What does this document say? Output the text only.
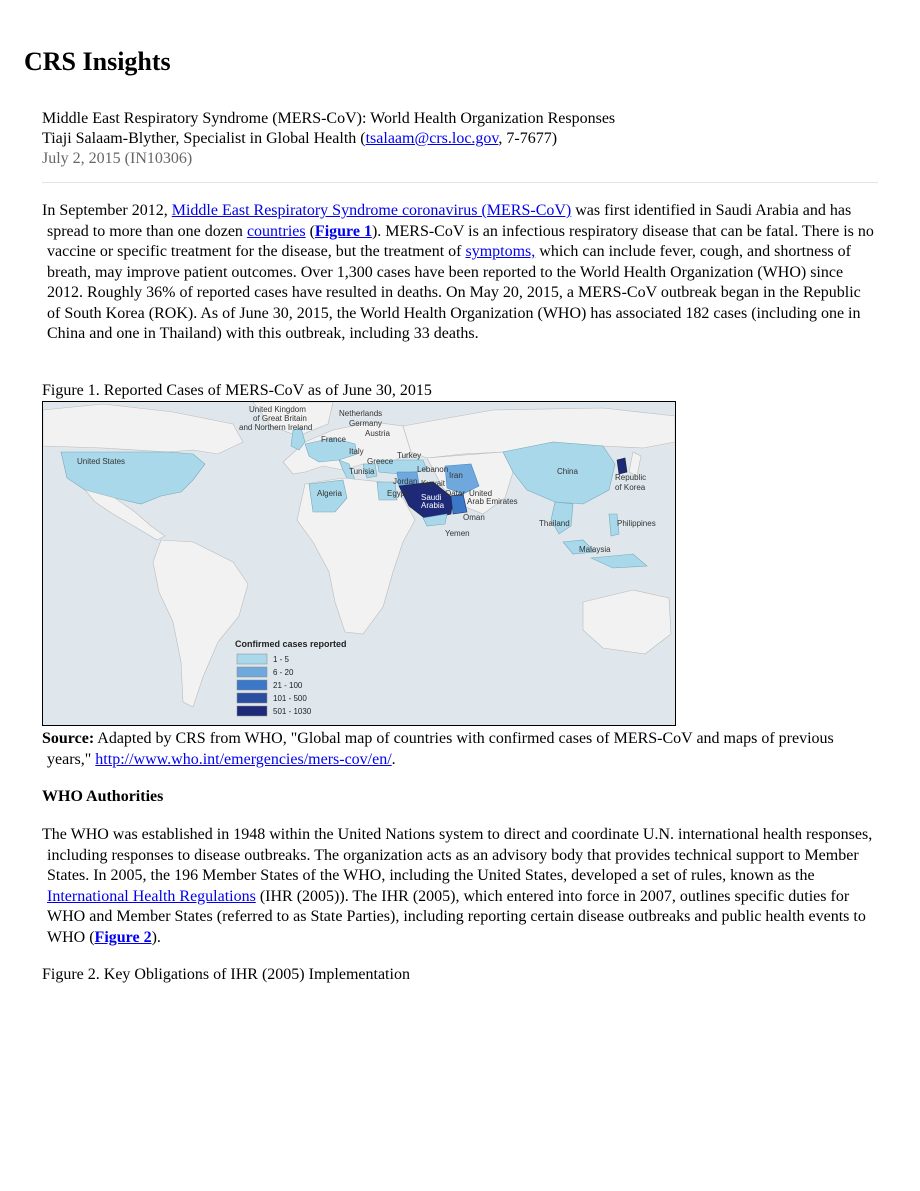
CRS Insights
Middle East Respiratory Syndrome (MERS-CoV): World Health Organization Responses
Tiaji Salaam-Blyther, Specialist in Global Health (tsalaam@crs.loc.gov, 7-7677)
July 2, 2015 (IN10306)

In September 2012, Middle East Respiratory Syndrome coronavirus (MERS-CoV) was first identified in Saudi Arabia and has spread to more than one dozen countries (Figure 1). MERS-CoV is an infectious respiratory disease that can be fatal. There is no vaccine or specific treatment for the disease, but the treatment of symptoms, which can include fever, cough, and shortness of breath, may improve patient outcomes. Over 1,300 cases have been reported to the World Health Organization (WHO) since 2012. Roughly 36% of reported cases have resulted in deaths. On May 20, 2015, a MERS-CoV outbreak began in the Republic of South Korea (ROK). As of June 30, 2015, the World Health Organization (WHO) has associated 182 cases (including one in China and one in Thailand) with this outbreak, including 33 deaths.

Figure 1. Reported Cases of MERS-CoV as of June 30, 2015

United Kingdom
of Great Britain
and Northern Ireland
Netherlands
Germany
Austria
France
Italy
Greece
Turkey
Tunisia	Lebanon
Iran
Jordan Kuwait
Algeria	Egypt Saudi
Arabia
Qatar United
Arab Emirates
Oman
Yemen
United States
China
Republic
of Korea
Thailand	Philippines
Malaysia
Confirmed cases reported
1 - 5
6 - 20
21 - 100
101 - 500
501 - 1030

Source: Adapted by CRS from WHO, "Global map of countries with confirmed cases of MERS-CoV and maps of previous years," http://www.who.int/emergencies/mers-cov/en/.

WHO Authorities

The WHO was established in 1948 within the United Nations system to direct and coordinate U.N. international health responses, including responses to disease outbreaks. The organization acts as an advisory body that provides technical support to Member States. In 2005, the 196 Member States of the WHO, including the United States, developed a set of rules, known as the International Health Regulations (IHR (2005)). The IHR (2005), which entered into force in 2007, outlines specific duties for WHO and Member States (referred to as State Parties), including reporting certain disease outbreaks and public health events to WHO (Figure 2).

Figure 2. Key Obligations of IHR (2005) Implementation
